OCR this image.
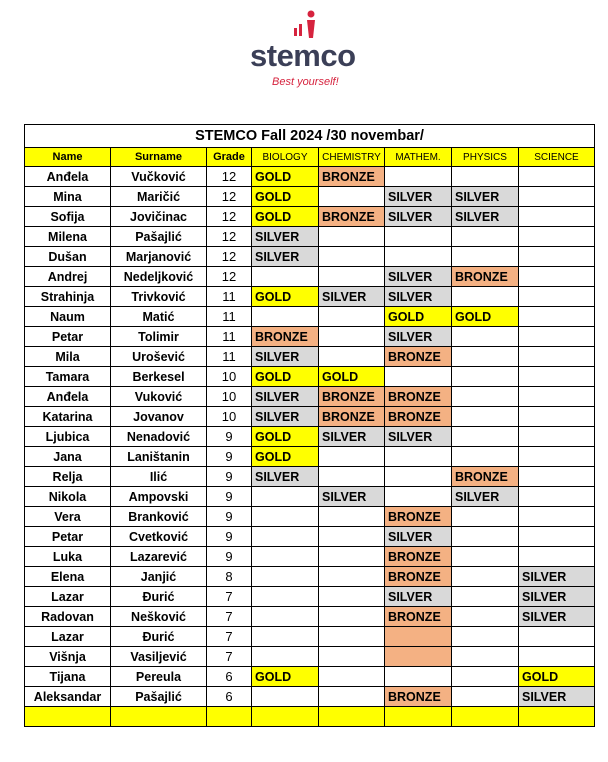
stemco
Best yourself!
STEMCO Fall 2024 /30 novembar/							
Name	Surname	Grade	BIOLOGY	CHEMISTRY	MATHEM.	PHYSICS	SCIENCE
Anđela	Vučković	12	GOLD	BRONZE			
Mina	Maričić	12	GOLD		SILVER	SILVER	
Sofija	Jovičinac	12	GOLD	BRONZE	SILVER	SILVER	
Milena	Pašajlić	12	SILVER				
Dušan	Marjanović	12	SILVER				
Andrej	Nedeljković	12			SILVER	BRONZE	
Strahinja	Trivković	11	GOLD	SILVER	SILVER		
Naum	Matić	11			GOLD	GOLD	
Petar	Tolimir	11	BRONZE		SILVER		
Mila	Urošević	11	SILVER		BRONZE		
Tamara	Berkesel	10	GOLD	GOLD			
Anđela	Vuković	10	SILVER	BRONZE	BRONZE		
Katarina	Jovanov	10	SILVER	BRONZE	BRONZE		
Ljubica	Nenadović	9	GOLD	SILVER	SILVER		
Jana	Laništanin	9	GOLD				
Relja	Ilić	9	SILVER			BRONZE	
Nikola	Ampovski	9		SILVER		SILVER	
Vera	Branković	9			BRONZE		
Petar	Cvetković	9			SILVER		
Luka	Lazarević	9			BRONZE		
Elena	Janjić	8			BRONZE		SILVER
Lazar	Đurić	7			SILVER		SILVER
Radovan	Nešković	7			BRONZE		SILVER
Lazar	Đurić	7					
Višnja	Vasiljević	7					
Tijana	Pereula	6	GOLD				GOLD
Aleksandar	Pašajlić	6			BRONZE		SILVER
